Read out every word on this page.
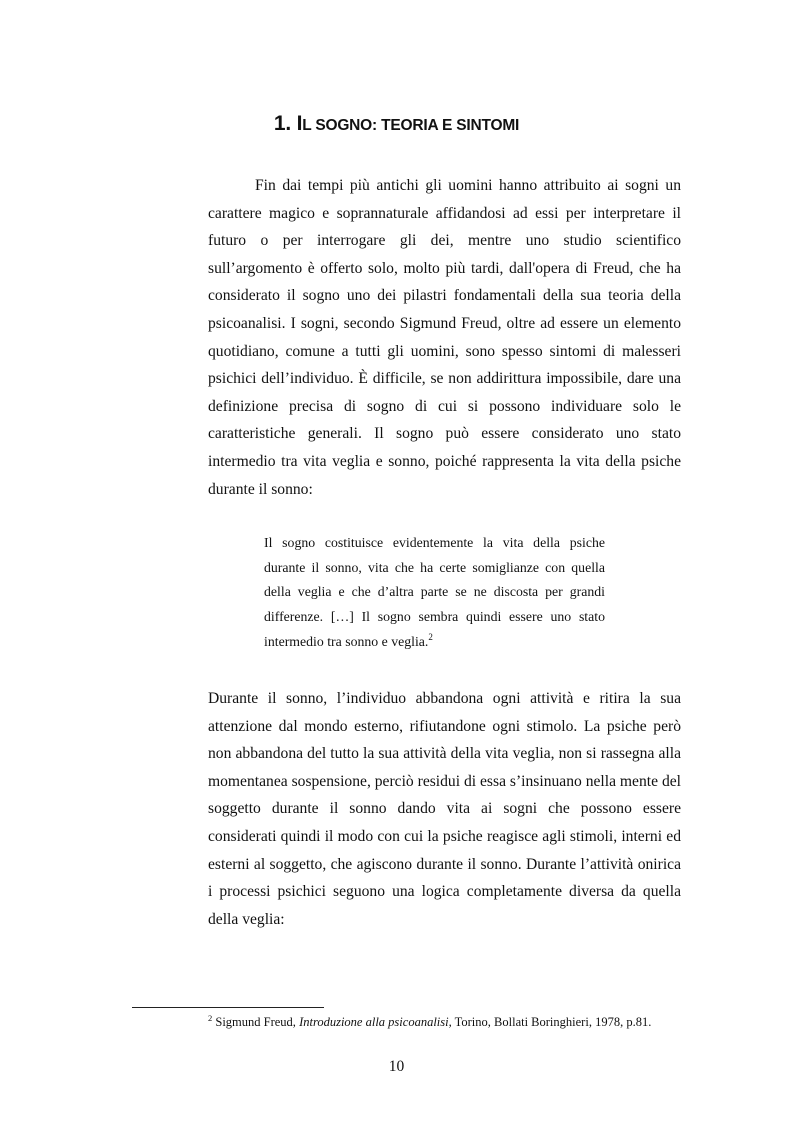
1. IL SOGNO: TEORIA E SINTOMI

Fin dai tempi più antichi gli uomini hanno attribuito ai sogni un carattere magico e soprannaturale affidandosi ad essi per interpretare il futuro o per interrogare gli dei, mentre uno studio scientifico sull’argomento è offerto solo, molto più tardi, dall'opera di Freud, che ha considerato il sogno uno dei pilastri fondamentali della sua teoria della psicoanalisi. I sogni, secondo Sigmund Freud, oltre ad essere un elemento quotidiano, comune a tutti gli uomini, sono spesso sintomi di malesseri psichici dell’individuo. È difficile, se non addirittura impossibile, dare una definizione precisa di sogno di cui si possono individuare solo le caratteristiche generali. Il sogno può essere considerato uno stato intermedio tra vita veglia e sonno, poiché rappresenta la vita della psiche durante il sonno:

Il sogno costituisce evidentemente la vita della psiche durante il sonno, vita che ha certe somiglianze con quella della veglia e che d’altra parte se ne discosta per grandi differenze. […] Il sogno sembra quindi essere uno stato intermedio tra sonno e veglia.$^2$

Durante il sonno, l’individuo abbandona ogni attività e ritira la sua attenzione dal mondo esterno, rifiutandone ogni stimolo. La psiche però non abbandona del tutto la sua attività della vita veglia, non si rassegna alla momentanea sospensione, perciò residui di essa s’insinuano nella mente del soggetto durante il sonno dando vita ai sogni che possono essere considerati quindi il modo con cui la psiche reagisce agli stimoli, interni ed esterni al soggetto, che agiscono durante il sonno. Durante l’attività onirica i processi psichici seguono una logica completamente diversa da quella della veglia:

$^2$ Sigmund Freud, Introduzione alla psicoanalisi, Torino, Bollati Boringhieri, 1978, p.81.
10
